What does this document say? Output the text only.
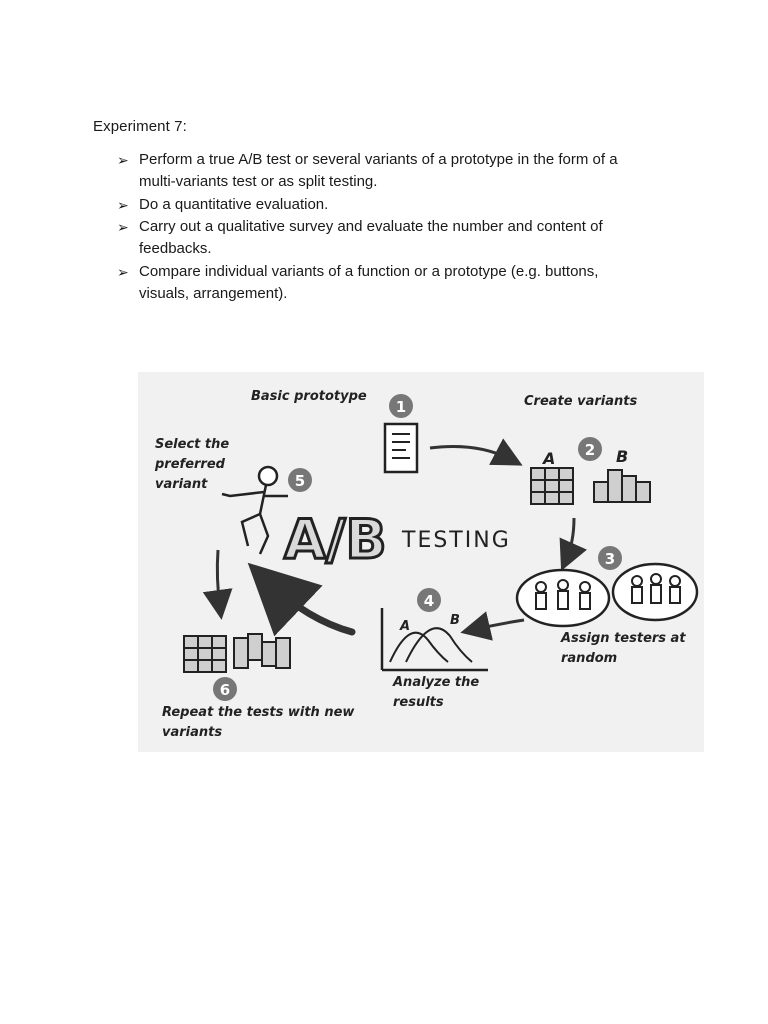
Experiment 7:
➢ Perform a true A/B test or several variants of a prototype in the form of a multi-variants test or as split testing.
➢ Do a quantitative evaluation.
➢ Carry out a qualitative survey and evaluate the number and content of feedbacks.
➢ Compare individual variants of a function or a prototype (e.g. buttons, visuals, arrangement).
Basic prototype	Create variants
Select the
preferred
variant
Assign testers at
random
Analyze the
results
Repeat the tests with new
variants
1
2
3
4
5
6
A	B
A	B
A/B TESTING
